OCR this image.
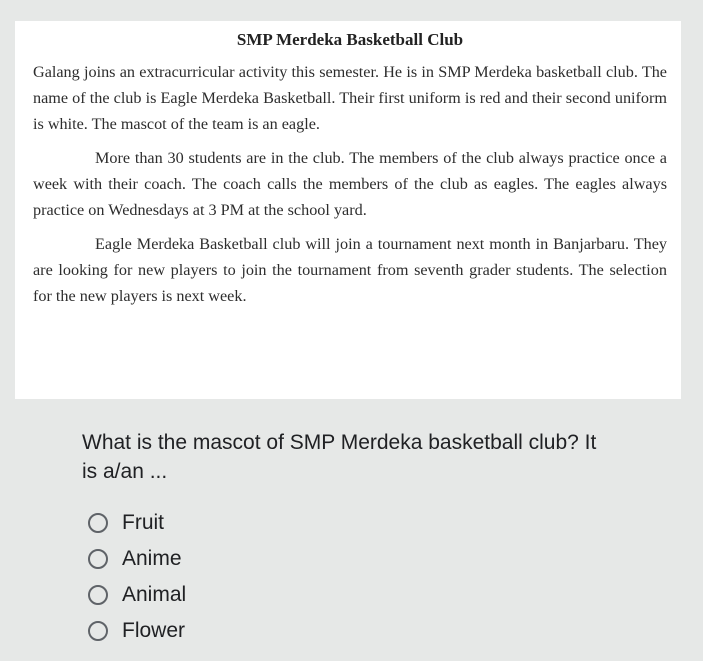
SMP Merdeka Basketball Club

Galang joins an extracurricular activity this semester. He is in SMP Merdeka basketball club. The name of the club is Eagle Merdeka Basketball. Their first uniform is red and their second uniform is white. The mascot of the team is an eagle.

More than 30 students are in the club. The members of the club always practice once a week with their coach. The coach calls the members of the club as eagles. The eagles always practice on Wednesdays at 3 PM at the school yard.

Eagle Merdeka Basketball club will join a tournament next month in Banjarbaru. They are looking for new players to join the tournament from seventh grader students. The selection for the new players is next week.

What is the mascot of SMP Merdeka basketball club? It is a/an ...
Fruit
Anime
Animal
Flower
